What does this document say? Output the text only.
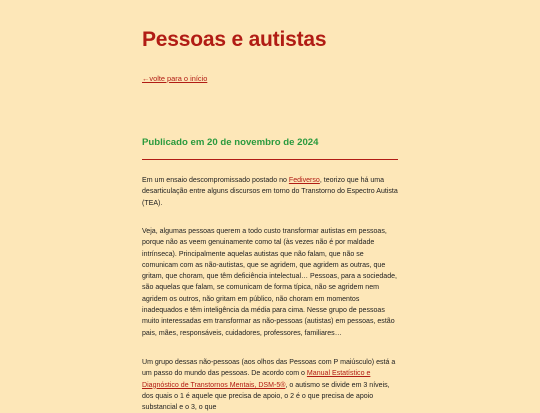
Pessoas e autistas
←volte para o início
Publicado em 20 de novembro de 2024

Em um ensaio descompromissado postado no Fediverso, teorizo que há uma desarticulação entre alguns discursos em torno do Transtorno do Espectro Autista (TEA).

Veja, algumas pessoas querem a todo custo transformar autistas em pessoas, porque não as veem genuinamente como tal (às vezes não é por maldade intrínseca). Principalmente aquelas autistas que não falam, que não se comunicam com as não-autistas, que se agridem, que agridem as outras, que gritam, que choram, que têm deficiência intelectual… Pessoas, para a sociedade, são aquelas que falam, se comunicam de forma típica, não se agridem nem agridem os outros, não gritam em público, não choram em momentos inadequados e têm inteligência da média para cima. Nesse grupo de pessoas muito interessadas em transformar as não-pessoas (autistas) em pessoas, estão pais, mães, responsáveis, cuidadores, professores, familiares…

Um grupo dessas não-pessoas (aos olhos das Pessoas com P maiúsculo) está a um passo do mundo das pessoas. De acordo com o Manual Estatístico e Diagnóstico de Transtornos Mentais, DSM-5®, o autismo se divide em 3 níveis, dos quais o 1 é aquele que precisa de apoio, o 2 é o que precisa de apoio substancial e o 3, o que
